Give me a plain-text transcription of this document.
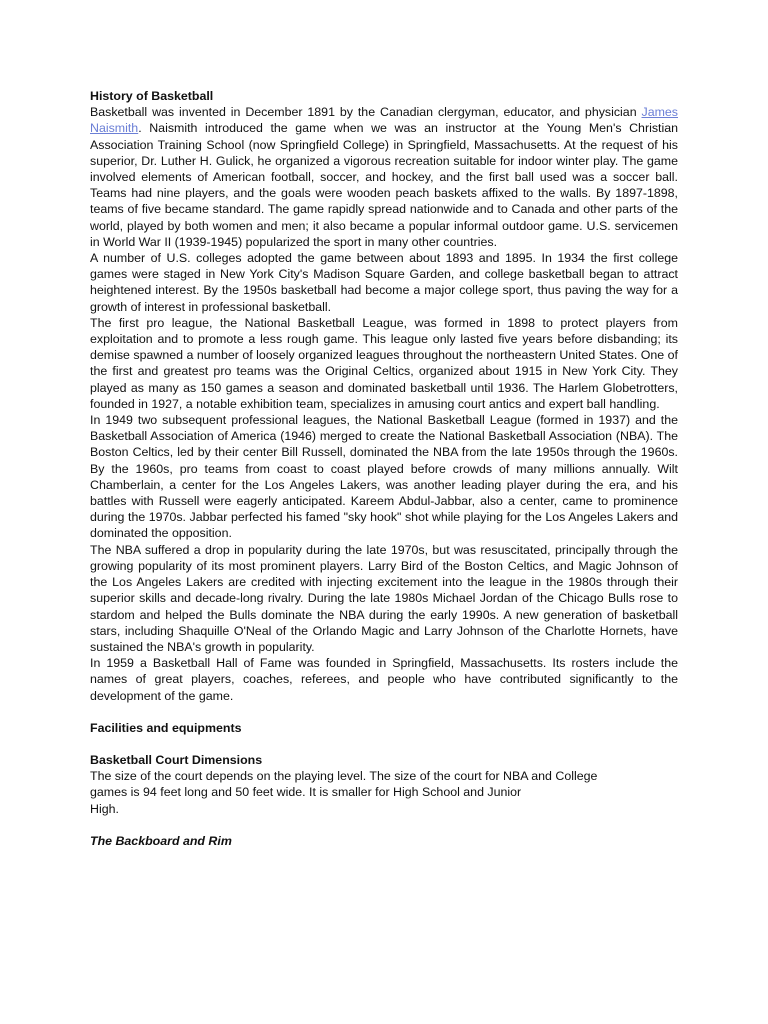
History of Basketball

Basketball was invented in December 1891 by the Canadian clergyman, educator, and physician James Naismith. Naismith introduced the game when we was an instructor at the Young Men's Christian Association Training School (now Springfield College) in Springfield, Massachusetts. At the request of his superior, Dr. Luther H. Gulick, he organized a vigorous recreation suitable for indoor winter play. The game involved elements of American football, soccer, and hockey, and the first ball used was a soccer ball. Teams had nine players, and the goals were wooden peach baskets affixed to the walls. By 1897-1898, teams of five became standard. The game rapidly spread nationwide and to Canada and other parts of the world, played by both women and men; it also became a popular informal outdoor game. U.S. servicemen in World War II (1939-1945) popularized the sport in many other countries.

A number of U.S. colleges adopted the game between about 1893 and 1895. In 1934 the first college games were staged in New York City's Madison Square Garden, and college basketball began to attract heightened interest. By the 1950s basketball had become a major college sport, thus paving the way for a growth of interest in professional basketball.

The first pro league, the National Basketball League, was formed in 1898 to protect players from exploitation and to promote a less rough game. This league only lasted five years before disbanding; its demise spawned a number of loosely organized leagues throughout the northeastern United States. One of the first and greatest pro teams was the Original Celtics, organized about 1915 in New York City. They played as many as 150 games a season and dominated basketball until 1936. The Harlem Globetrotters, founded in 1927, a notable exhibition team, specializes in amusing court antics and expert ball handling.

In 1949 two subsequent professional leagues, the National Basketball League (formed in 1937) and the Basketball Association of America (1946) merged to create the National Basketball Association (NBA). The Boston Celtics, led by their center Bill Russell, dominated the NBA from the late 1950s through the 1960s. By the 1960s, pro teams from coast to coast played before crowds of many millions annually. Wilt Chamberlain, a center for the Los Angeles Lakers, was another leading player during the era, and his battles with Russell were eagerly anticipated. Kareem Abdul-Jabbar, also a center, came to prominence during the 1970s. Jabbar perfected his famed "sky hook" shot while playing for the Los Angeles Lakers and dominated the opposition.

The NBA suffered a drop in popularity during the late 1970s, but was resuscitated, principally through the growing popularity of its most prominent players. Larry Bird of the Boston Celtics, and Magic Johnson of the Los Angeles Lakers are credited with injecting excitement into the league in the 1980s through their superior skills and decade-long rivalry. During the late 1980s Michael Jordan of the Chicago Bulls rose to stardom and helped the Bulls dominate the NBA during the early 1990s. A new generation of basketball stars, including Shaquille O'Neal of the Orlando Magic and Larry Johnson of the Charlotte Hornets, have sustained the NBA's growth in popularity.

In 1959 a Basketball Hall of Fame was founded in Springfield, Massachusetts. Its rosters include the names of great players, coaches, referees, and people who have contributed significantly to the development of the game.

Facilities and equipments

Basketball Court Dimensions

The size of the court depends on the playing level. The size of the court for NBA and College
games is 94 feet long and 50 feet wide. It is smaller for High School and Junior
High.

The Backboard and Rim
